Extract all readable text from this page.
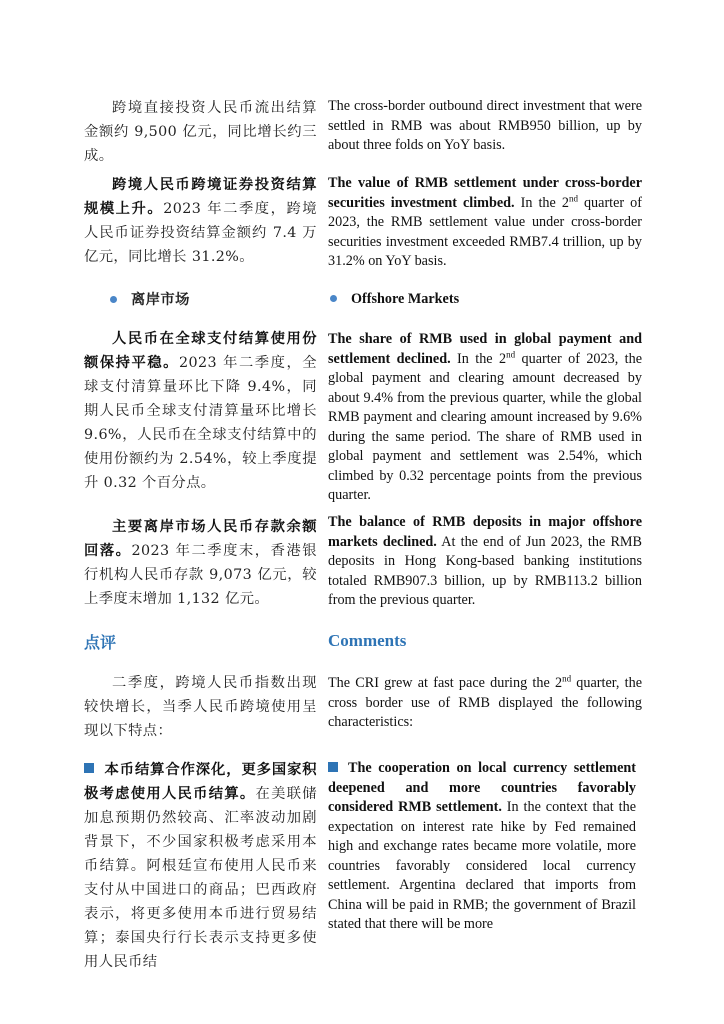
跨境直接投资人民币流出结算金额约 9,500 亿元，同比增长约三成。
The cross-border outbound direct investment that were settled in RMB was about RMB950 billion, up by about three folds on YoY basis.
跨境人民币跨境证券投资结算规模上升。2023 年二季度，跨境人民币证券投资结算金额约 7.4 万亿元，同比增长 31.2%。
The value of RMB settlement under cross-border securities investment climbed. In the 2nd quarter of 2023, the RMB settlement value under cross-border securities investment exceeded RMB7.4 trillion, up by 31.2% on YoY basis.
离岸市场	Offshore Markets
人民币在全球支付结算使用份额保持平稳。2023 年二季度，全球支付清算量环比下降 9.4%，同期人民币全球支付清算量环比增长 9.6%，人民币在全球支付结算中的使用份额约为 2.54%，较上季度提升 0.32 个百分点。
The share of RMB used in global payment and settlement declined. In the 2nd quarter of 2023, the global payment and clearing amount decreased by about 9.4% from the previous quarter, while the global RMB payment and clearing amount increased by 9.6% during the same period. The share of RMB used in global payment and settlement was 2.54%, which climbed by 0.32 percentage points from the previous quarter.
主要离岸市场人民币存款余额回落。2023 年二季度末，香港银行机构人民币存款 9,073 亿元，较上季度末增加 1,132 亿元。
The balance of RMB deposits in major offshore markets declined. At the end of Jun 2023, the RMB deposits in Hong Kong-based banking institutions totaled RMB907.3 billion, up by RMB113.2 billion from the previous quarter.
点评	Comments
二季度，跨境人民币指数出现较快增长，当季人民币跨境使用呈现以下特点：
The CRI grew at fast pace during the 2nd quarter, the cross border use of RMB displayed the following characteristics:
本币结算合作深化，更多国家积极考虑使用人民币结算。在美联储加息预期仍然较高、汇率波动加剧背景下，不少国家积极考虑采用本币结算。阿根廷宣布使用人民币来支付从中国进口的商品；巴西政府表示，将更多使用本币进行贸易结算；泰国央行行长表示支持更多使用人民币结
The cooperation on local currency settlement deepened and more countries favorably considered RMB settlement. In the context that the expectation on interest rate hike by Fed remained high and exchange rates became more volatile, more countries favorably considered local currency settlement. Argentina declared that imports from China will be paid in RMB; the government of Brazil stated that there will be more
